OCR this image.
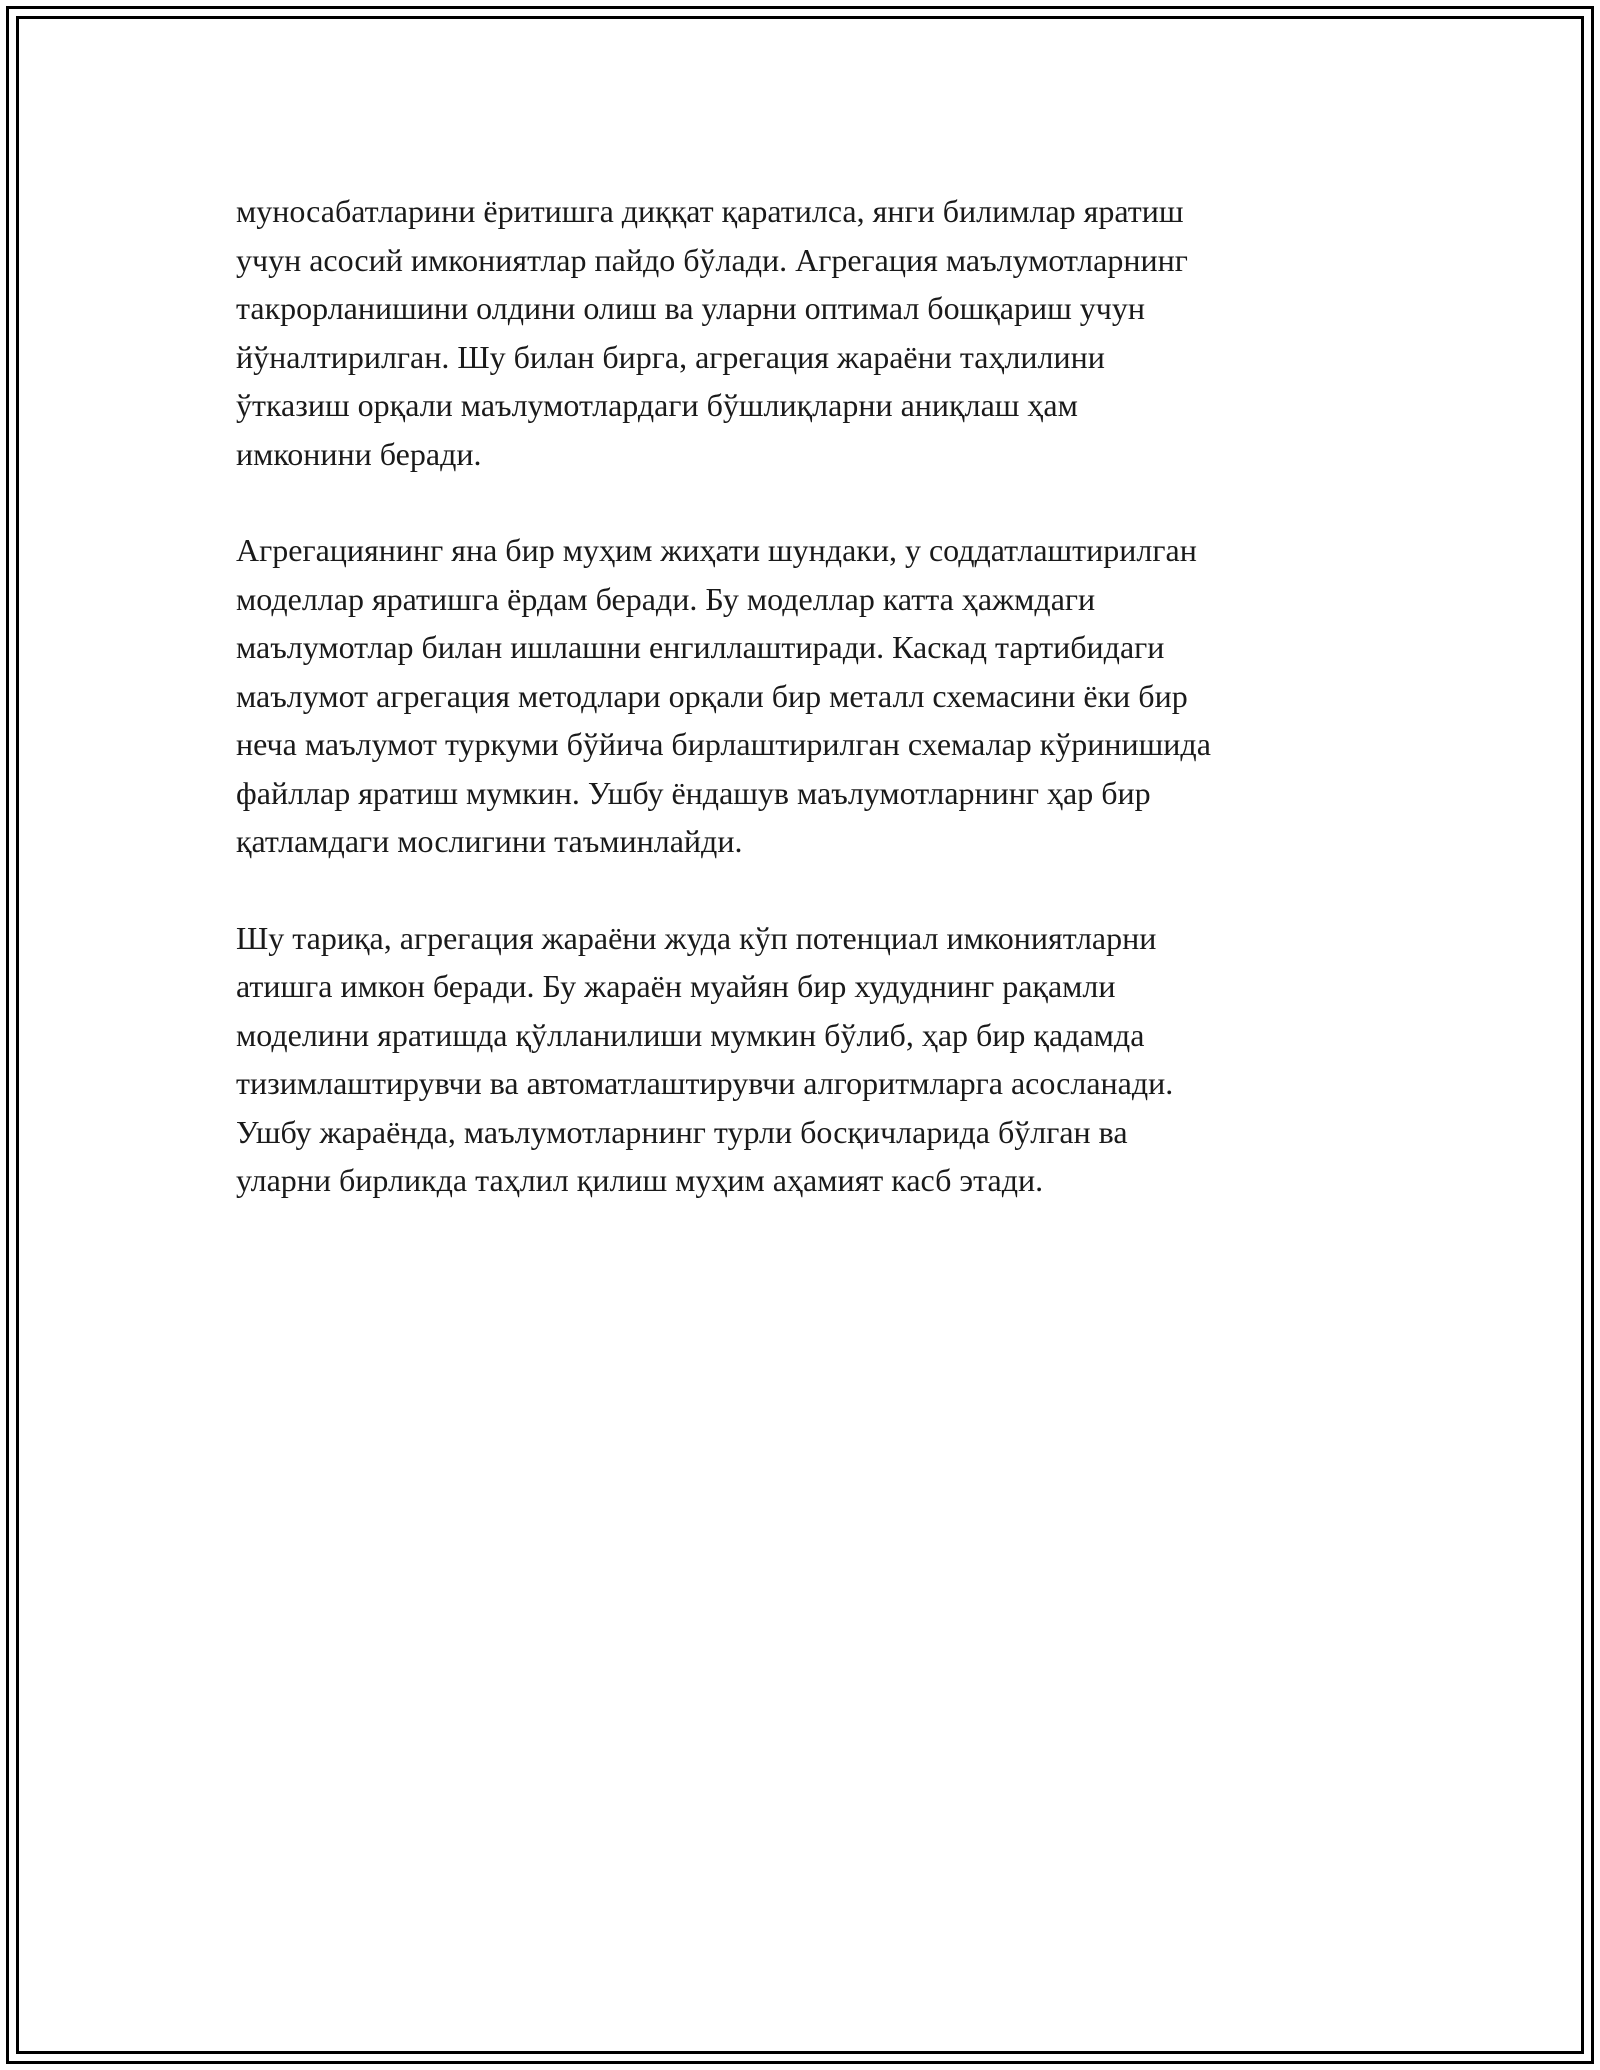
муносабатларини ёритишга диққат қаратилса, янги билимлар яратиш
учун асосий имкониятлар пайдо бўлади. Агрегация маълумотларнинг
такрорланишини олдини олиш ва уларни оптимал бошқариш учун
йўналтирилган. Шу билан бирга, агрегация жараёни таҳлилини
ўтказиш орқали маълумотлардаги бўшлиқларни аниқлаш ҳам
имконини беради.

Агрегациянинг яна бир муҳим жиҳати шундаки, у соддатлаштирилган
моделлар яратишга ёрдам беради. Бу моделлар катта ҳажмдаги
маълумотлар билан ишлашни енгиллаштиради. Каскад тартибидаги
маълумот агрегация методлари орқали бир металл схемасини ёки бир
неча маълумот туркуми бўйича бирлаштирилган схемалар кўринишида
файллар яратиш мумкин. Ушбу ёндашув маълумотларнинг ҳар бир
қатламдаги мослигини таъминлайди.

Шу тариқа, агрегация жараёни жуда кўп потенциал имкониятларни
атишга имкон беради. Бу жараён муайян бир худуднинг рақамли
моделини яратишда қўлланилиши мумкин бўлиб, ҳар бир қадамда
тизимлаштирувчи ва автоматлаштирувчи алгоритмларга асосланади.
Ушбу жараёнда, маълумотларнинг турли босқичларида бўлган ва
уларни бирликда таҳлил қилиш муҳим аҳамият касб этади.
